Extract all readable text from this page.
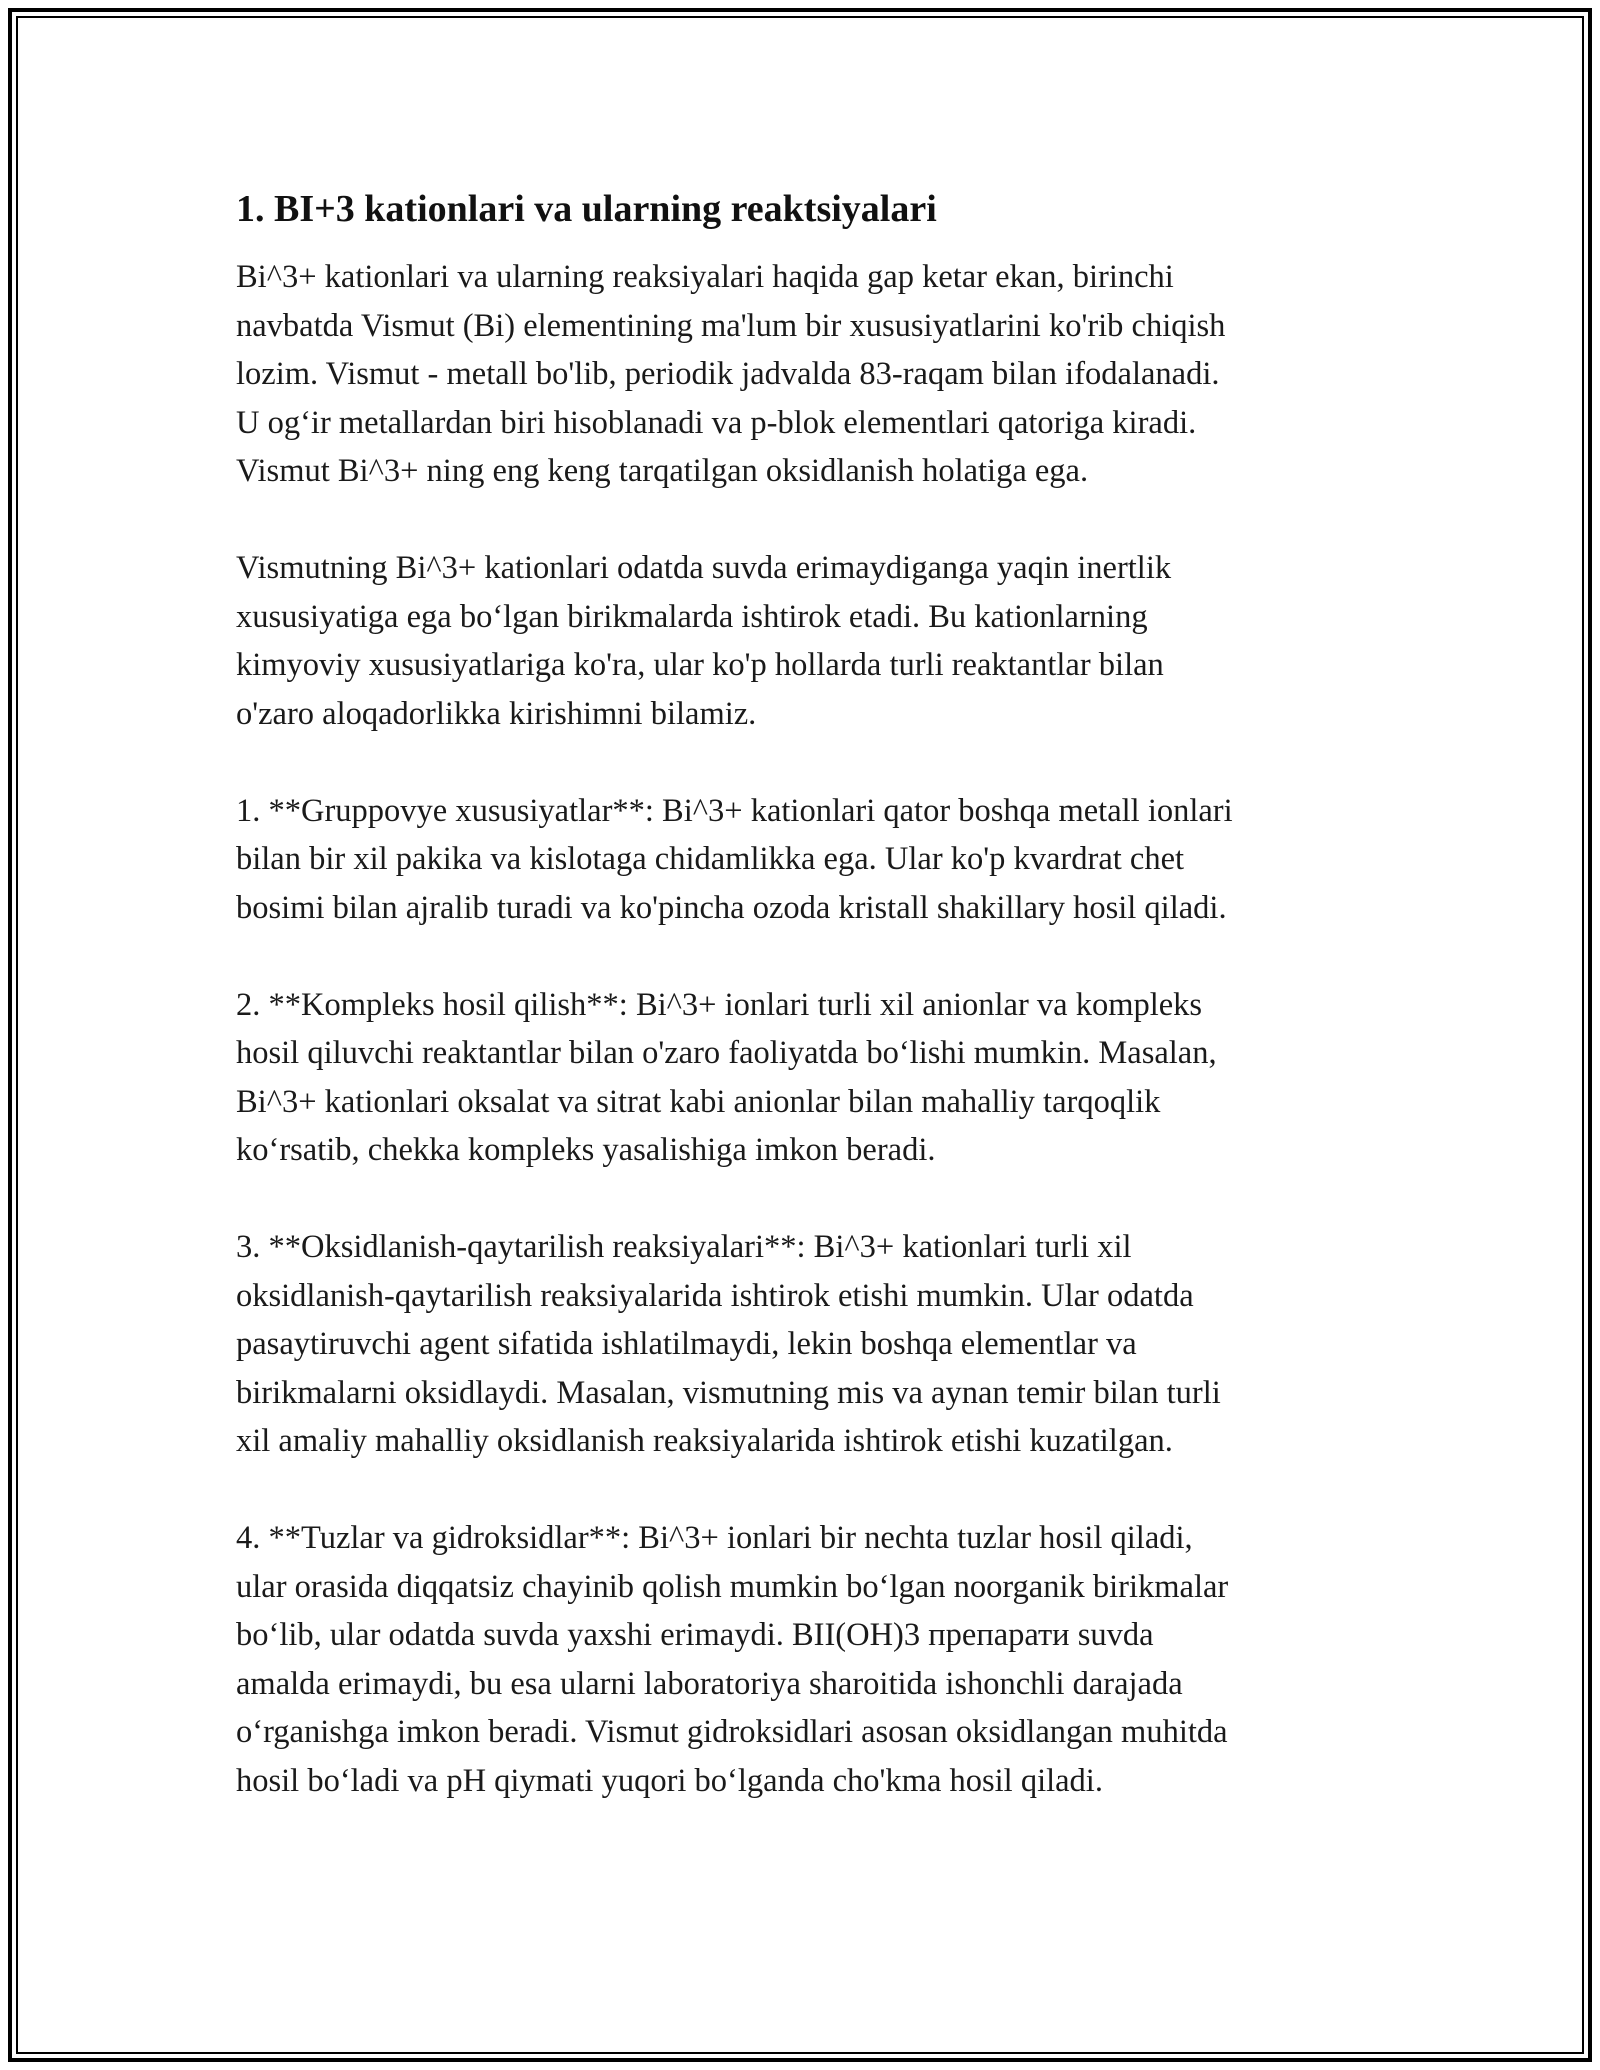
1. BI+3 kationlari va ularning reaktsiyalari

Bi^3+ kationlari va ularning reaksiyalari haqida gap ketar ekan, birinchi
navbatda Vismut (Bi) elementining ma'lum bir xususiyatlarini ko'rib chiqish
lozim. Vismut - metall bo'lib, periodik jadvalda 83-raqam bilan ifodalanadi.
U og‘ir metallardan biri hisoblanadi va p-blok elementlari qatoriga kiradi.
Vismut Bi^3+ ning eng keng tarqatilgan oksidlanish holatiga ega.

Vismutning Bi^3+ kationlari odatda suvda erimaydiganga yaqin inertlik
xususiyatiga ega bo‘lgan birikmalarda ishtirok etadi. Bu kationlarning
kimyoviy xususiyatlariga ko'ra, ular ko'p hollarda turli reaktantlar bilan
o'zaro aloqadorlikka kirishimni bilamiz.

1. **Gruppovye xususiyatlar**: Bi^3+ kationlari qator boshqa metall ionlari
bilan bir xil pakika va kislotaga chidamlikka ega. Ular ko'p kvardrat chet
bosimi bilan ajralib turadi va ko'pincha ozoda kristall shakillary hosil qiladi.

2. **Kompleks hosil qilish**: Bi^3+ ionlari turli xil anionlar va kompleks
hosil qiluvchi reaktantlar bilan o'zaro faoliyatda bo‘lishi mumkin. Masalan,
Bi^3+ kationlari oksalat va sitrat kabi anionlar bilan mahalliy tarqoqlik
ko‘rsatib, chekka kompleks yasalishiga imkon beradi.

3. **Oksidlanish-qaytarilish reaksiyalari**: Bi^3+ kationlari turli xil
oksidlanish-qaytarilish reaksiyalarida ishtirok etishi mumkin. Ular odatda
pasaytiruvchi agent sifatida ishlatilmaydi, lekin boshqa elementlar va
birikmalarni oksidlaydi. Masalan, vismutning mis va aynan temir bilan turli
xil amaliy mahalliy oksidlanish reaksiyalarida ishtirok etishi kuzatilgan.

4. **Tuzlar va gidroksidlar**: Bi^3+ ionlari bir nechta tuzlar hosil qiladi,
ular orasida diqqatsiz chayinib qolish mumkin bo‘lgan noorganik birikmalar
bo‘lib, ular odatda suvda yaxshi erimaydi. BII(OH)3 препарати suvda
amalda erimaydi, bu esa ularni laboratoriya sharoitida ishonchli darajada
o‘rganishga imkon beradi. Vismut gidroksidlari asosan oksidlangan muhitda
hosil bo‘ladi va pH qiymati yuqori bo‘lganda cho'kma hosil qiladi.
